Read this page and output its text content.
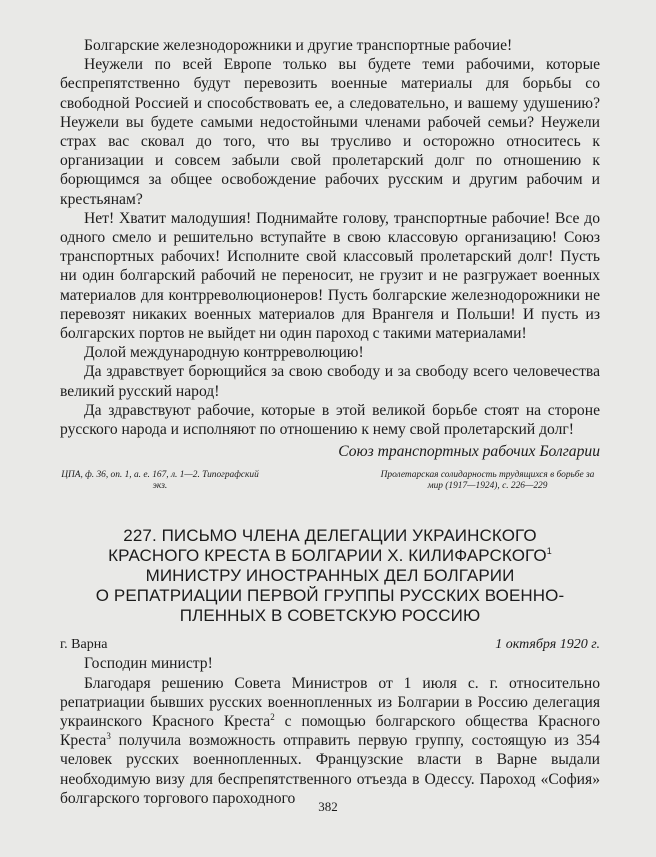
Болгарские железнодорожники и другие транспортные рабочие!

Неужели по всей Европе только вы будете теми рабочими, которые беспрепятственно будут перевозить военные материалы для борьбы со свободной Россией и способствовать ее, а следовательно, и вашему удушению? Неужели вы будете самыми недостойными членами рабочей семьи? Неужели страх вас сковал до того, что вы трусливо и осторожно относитесь к организации и совсем забыли свой пролетарский долг по отношению к борющимся за общее освобождение рабочих русским и другим рабочим и крестьянам?

Нет! Хватит малодушия! Поднимайте голову, транспортные рабочие! Все до одного смело и решительно вступайте в свою классовую организацию! Союз транспортных рабочих! Исполните свой классовый пролетарский долг! Пусть ни один болгарский рабочий не переносит, не грузит и не разгружает военных материалов для контрреволюционеров! Пусть болгарские железнодорожники не перевозят никаких военных материалов для Врангеля и Польши! И пусть из болгарских портов не выйдет ни один пароход с такими материалами!

Долой международную контрреволюцию!

Да здравствует борющийся за свою свободу и за свободу всего человечества великий русский народ!

Да здравствуют рабочие, которые в этой великой борьбе стоят на стороне русского народа и исполняют по отношению к нему свой пролетарский долг!

Союз транспортных рабочих Болгарии
ЦПА, ф. 36, оп. 1, а. е. 167, л. 1—2. Типографский экз.
Пролетарская солидарность трудящихся в борьбе за мир (1917—1924), с. 226—229
227. ПИСЬМО ЧЛЕНА ДЕЛЕГАЦИИ УКРАИНСКОГО
КРАСНОГО КРЕСТА В БОЛГАРИИ Х. КИЛИФАРСКОГО$^1$
МИНИСТРУ ИНОСТРАННЫХ ДЕЛ БОЛГАРИИ
О РЕПАТРИАЦИИ ПЕРВОЙ ГРУППЫ РУССКИХ ВОЕННО-
ПЛЕННЫХ В СОВЕТСКУЮ РОССИЮ
г. Варна	1 октября 1920 г.

Господин министр!

Благодаря решению Совета Министров от 1 июля с. г. относительно репатриации бывших русских военнопленных из Болгарии в Россию делегация украинского Красного Креста$^2$ с помощью болгарского общества Красного Креста$^3$ получила возможность отправить первую группу, состоящую из 354 человек русских военнопленных. Французские власти в Варне выдали необходимую визу для беспрепятственного отъезда в Одессу. Пароход «София» болгарского торгового пароходного	382
